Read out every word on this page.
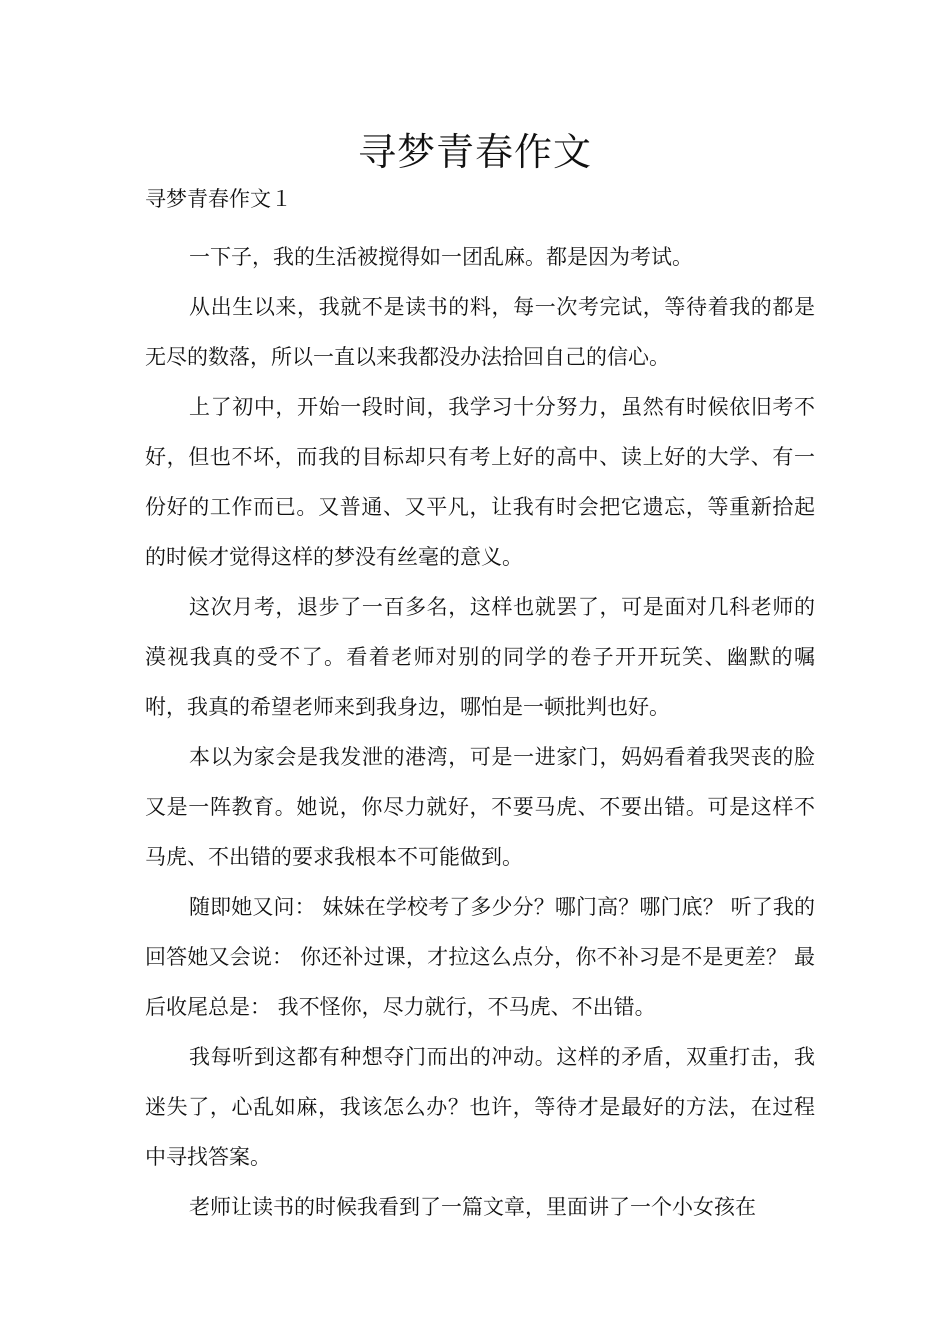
寻梦青春作文

寻梦青春作文１

一下子，我的生活被搅得如一团乱麻。都是因为考试。

从出生以来，我就不是读书的料，每一次考完试，等待着我的都是无尽的数落，所以一直以来我都没办法拾回自己的信心。

上了初中，开始一段时间，我学习十分努力，虽然有时候依旧考不好，但也不坏，而我的目标却只有考上好的高中、读上好的大学、有一份好的工作而已。又普通、又平凡，让我有时会把它遗忘，等重新拾起的时候才觉得这样的梦没有丝毫的意义。

这次月考，退步了一百多名，这样也就罢了，可是面对几科老师的漠视我真的受不了。看着老师对别的同学的卷子开开玩笑、幽默的嘱咐，我真的希望老师来到我身边，哪怕是一顿批判也好。

本以为家会是我发泄的港湾，可是一进家门，妈妈看着我哭丧的脸又是一阵教育。她说，你尽力就好，不要马虎、不要出错。可是这样不马虎、不出错的要求我根本不可能做到。

随即她又问： 妹妹在学校考了多少分？哪门高？哪门底？ 听了我的回答她又会说： 你还补过课，才拉这么点分，你不补习是不是更差？ 最后收尾总是： 我不怪你，尽力就行，不马虎、不出错。

我每听到这都有种想夺门而出的冲动。这样的矛盾，双重打击，我迷失了，心乱如麻，我该怎么办？也许，等待才是最好的方法，在过程中寻找答案。

老师让读书的时候我看到了一篇文章，里面讲了一个小女孩在
